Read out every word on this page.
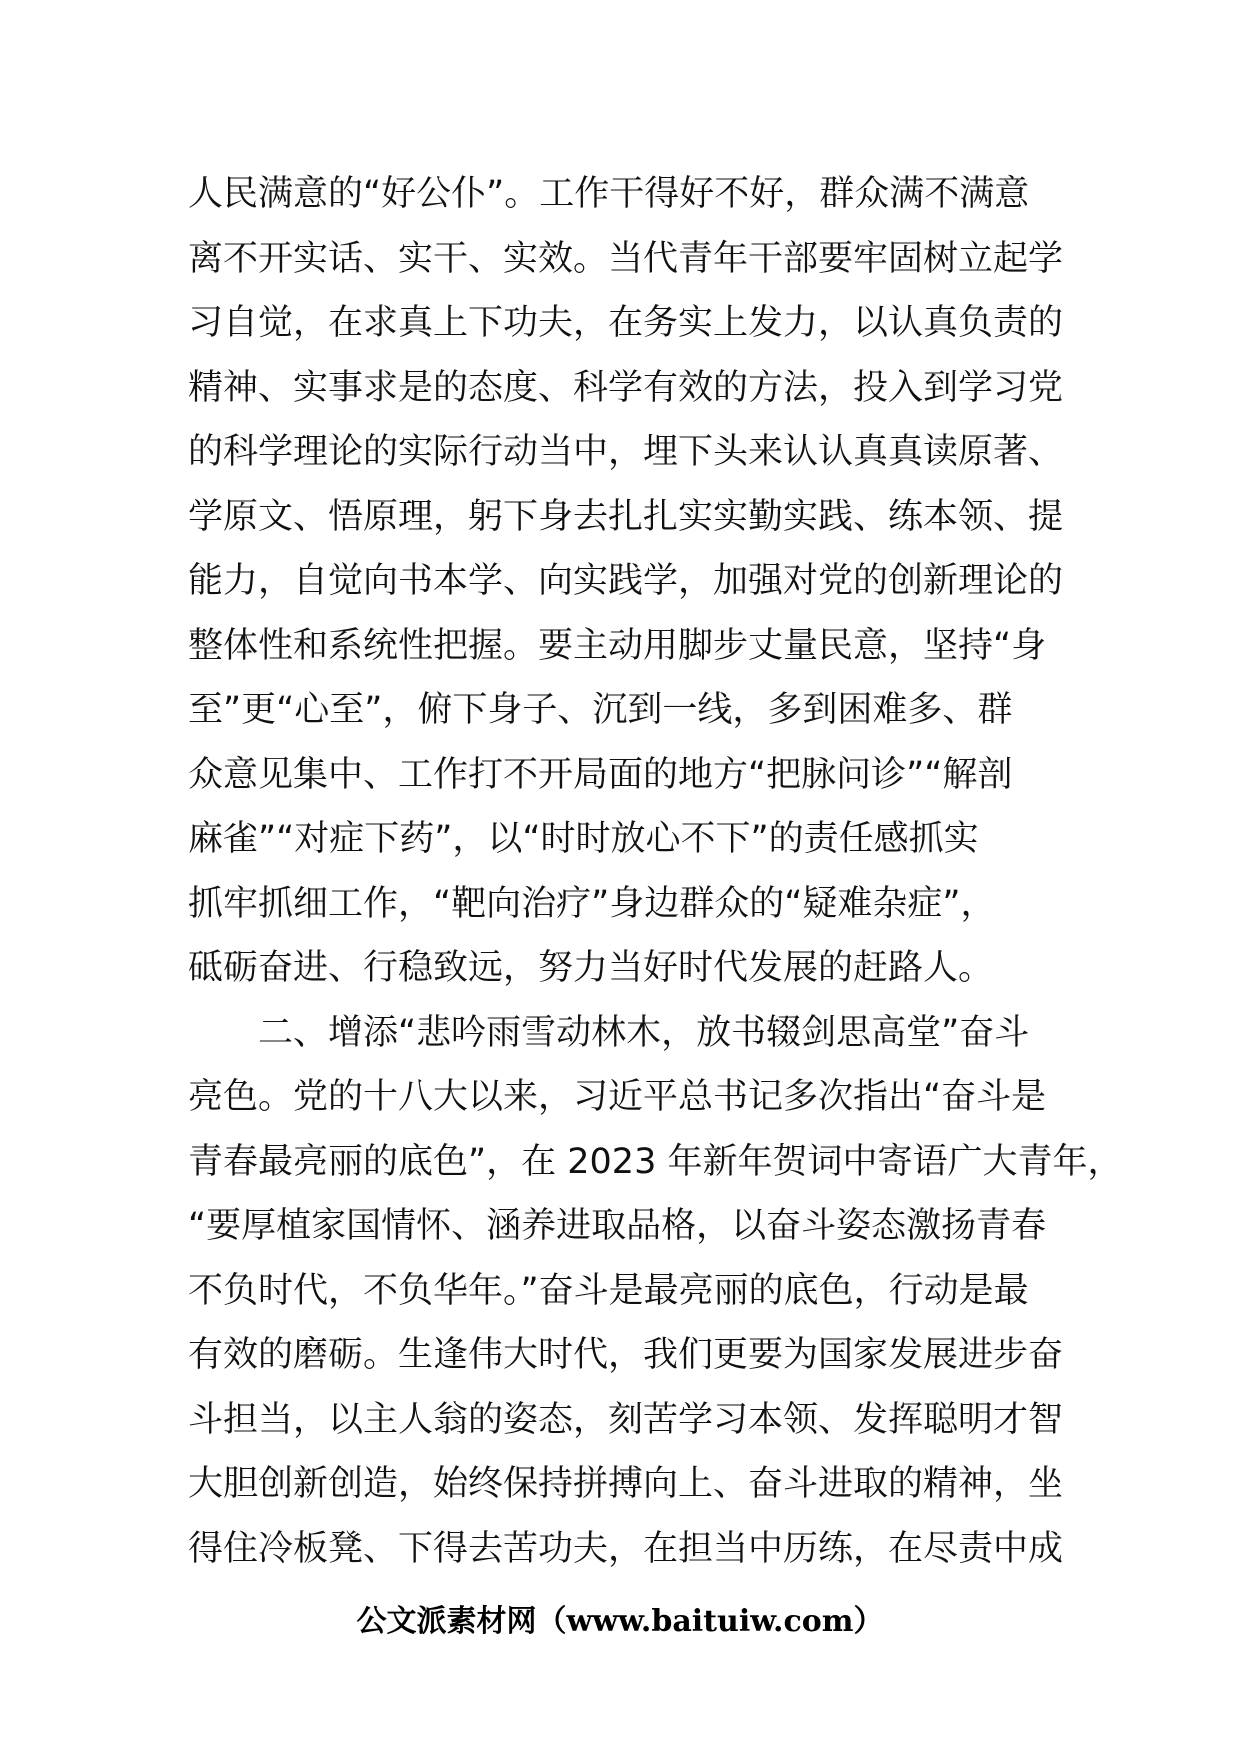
人民满意的“好公仆”。工作干得好不好，群众满不满意
离不开实话、实干、实效。当代青年干部要牢固树立起学
习自觉，在求真上下功夫，在务实上发力，以认真负责的
精神、实事求是的态度、科学有效的方法，投入到学习党
的科学理论的实际行动当中，埋下头来认认真真读原著、
学原文、悟原理，躬下身去扎扎实实勤实践、练本领、提
能力，自觉向书本学、向实践学，加强对党的创新理论的
整体性和系统性把握。要主动用脚步丈量民意，坚持“身
至”更“心至”，俯下身子、沉到一线，多到困难多、群
众意见集中、工作打不开局面的地方“把脉问诊”“解剖
麻雀”“对症下药”，以“时时放心不下”的责任感抓实
抓牢抓细工作，“靶向治疗”身边群众的“疑难杂症”，
砥砺奋进、行稳致远，努力当好时代发展的赶路人。
二、增添“悲吟雨雪动林木，放书辍剑思高堂”奋斗
亮色。党的十八大以来，习近平总书记多次指出“奋斗是
青春最亮丽的底色”，在 2023 年新年贺词中寄语广大青年，
“要厚植家国情怀、涵养进取品格，以奋斗姿态激扬青春
不负时代，不负华年。”奋斗是最亮丽的底色，行动是最
有效的磨砺。生逢伟大时代，我们更要为国家发展进步奋
斗担当，以主人翁的姿态，刻苦学习本领、发挥聪明才智
大胆创新创造，始终保持拼搏向上、奋斗进取的精神，坐
得住冷板凳、下得去苦功夫，在担当中历练，在尽责中成
公文派素材网（www.baituiw.com）
